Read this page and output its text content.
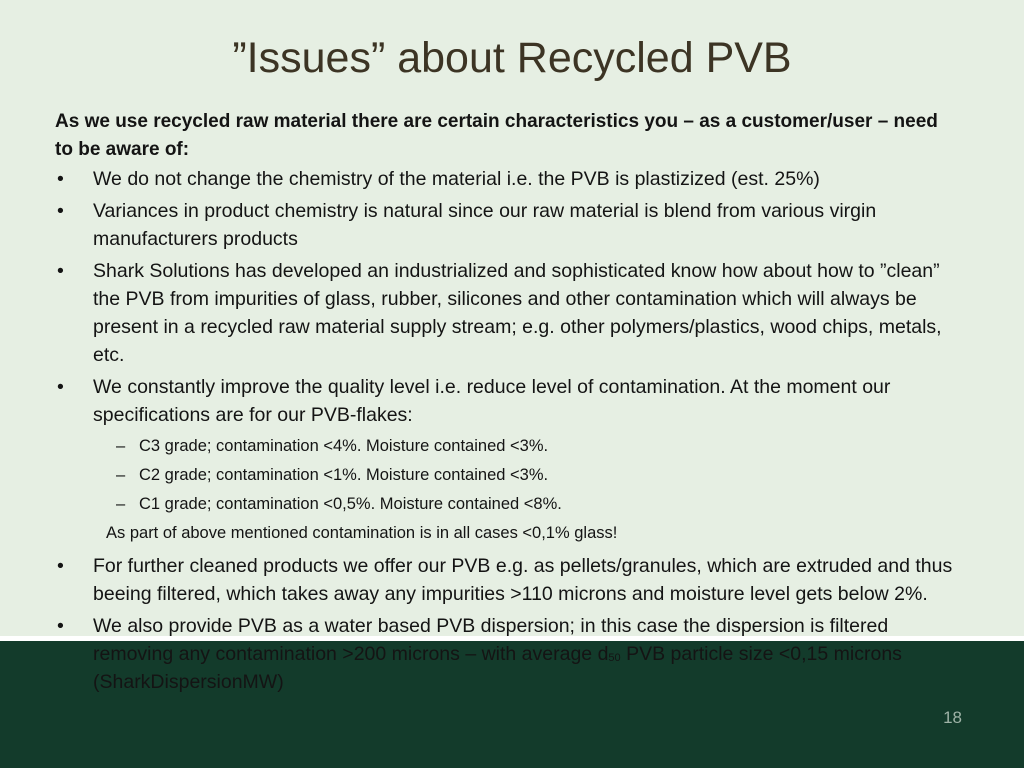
”Issues” about Recycled PVB

As we use recycled raw material there are certain characteristics you – as a customer/user – need to be aware of:

• We do not change the chemistry of the material i.e. the PVB is plastizized (est. 25%)

• Variances in product chemistry is natural since our raw material is blend from various virgin manufacturers products

• Shark Solutions has developed an industrialized and sophisticated know how about how to ”clean” the PVB from impurities of glass, rubber, silicones and other contamination which will always be present in a recycled raw material supply stream; e.g. other polymers/plastics, wood chips, metals, etc.

• We constantly improve the quality level i.e. reduce level of contamination. At the moment our specifications are for our PVB-flakes:

– C3 grade; contamination <4%. Moisture contained <3%.

– C2 grade; contamination <1%. Moisture contained <3%.

– C1 grade; contamination <0,5%. Moisture contained <8%.

As part of above mentioned contamination is in all cases <0,1% glass!

• For further cleaned products we offer our PVB e.g. as pellets/granules, which are extruded and thus beeing filtered, which takes away any impurities >110 microns and moisture level gets below 2%.

• We also provide PVB as a water based PVB dispersion; in this case the dispersion is filtered removing any contamination >200 microns – with average $d_{50}$ PVB particle size <0,15 microns (SharkDispersionMW)

18
